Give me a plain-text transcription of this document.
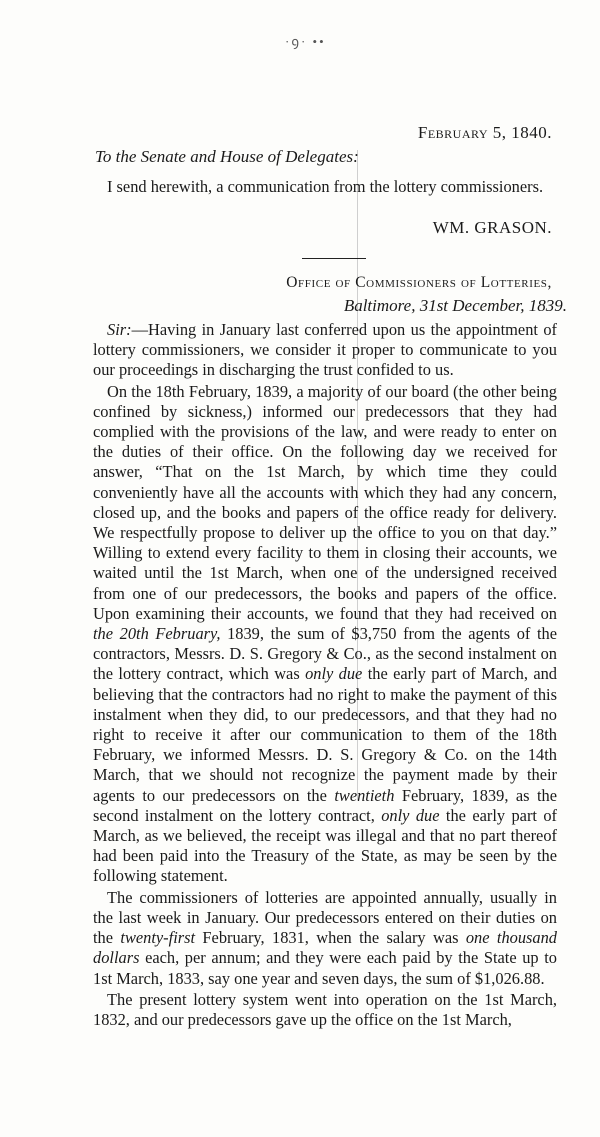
·ꝯ· ••
February 5, 1840.
To the Senate and House of Delegates:

I send herewith, a communication from the lottery commissioners.

WM. GRASON.
Office of Commissioners of Lotteries,
Baltimore, 31st December, 1839.

Sir:—Having in January last conferred upon us the appointment of lottery commissioners, we consider it proper to communicate to you our proceedings in discharging the trust confided to us.

On the 18th February, 1839, a majority of our board (the other being confined by sickness,) informed our predecessors that they had complied with the provisions of the law, and were ready to enter on the duties of their office. On the following day we received for answer, “That on the 1st March, by which time they could conveniently have all the accounts with which they had any concern, closed up, and the books and papers of the office ready for delivery. We respectfully propose to deliver up the office to you on that day.” Willing to extend every facility to them in closing their accounts, we waited until the 1st March, when one of the undersigned received from one of our predecessors, the books and papers of the office. Upon examining their accounts, we found that they had received on the 20th February, 1839, the sum of $3,750 from the agents of the contractors, Messrs. D. S. Gregory & Co., as the second instalment on the lottery contract, which was only due the early part of March, and believing that the contractors had no right to make the payment of this instalment when they did, to our predecessors, and that they had no right to receive it after our communication to them of the 18th February, we informed Messrs. D. S. Gregory & Co. on the 14th March, that we should not recognize the payment made by their agents to our predecessors on the twentieth February, 1839, as the second instalment on the lottery contract, only due the early part of March, as we believed, the receipt was illegal and that no part thereof had been paid into the Treasury of the State, as may be seen by the following statement.

The commissioners of lotteries are appointed annually, usually in the last week in January. Our predecessors entered on their duties on the twenty-first February, 1831, when the salary was one thousand dollars each, per annum; and they were each paid by the State up to 1st March, 1833, say one year and seven days, the sum of $1,026.88.

The present lottery system went into operation on the 1st March, 1832, and our predecessors gave up the office on the 1st March,
